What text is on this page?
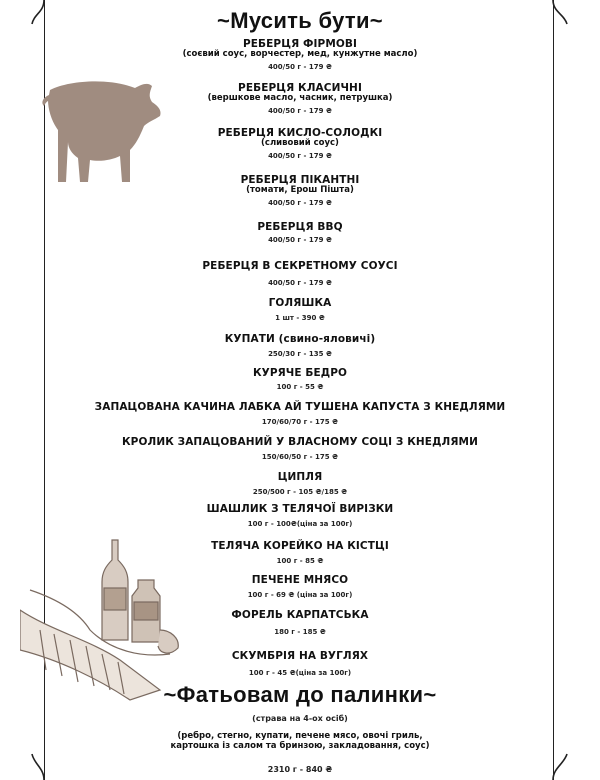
~Мусить бути~
РЕБЕРЦЯ ФІРМОВІ
(соєвий соус, ворчестер, мед, кунжутне масло)
400/50 г - 179 ₴
РЕБЕРЦЯ КЛАСИЧНІ
(вершкове масло, часник, петрушка)
400/50 г - 179 ₴
РЕБЕРЦЯ КИСЛО-СОЛОДКІ
(сливовий соус)
400/50 г - 179 ₴
РЕБЕРЦЯ ПІКАНТНІ
(томати, Ерош Пішта)
400/50 г - 179 ₴
РЕБЕРЦЯ BBQ
400/50 г - 179 ₴
РЕБЕРЦЯ В СЕКРЕТНОМУ СОУСІ
400/50 г - 179 ₴
ГОЛЯШКА
1 шт - 390 ₴
КУПАТИ (свино-яловичі)
250/30 г - 135 ₴
КУРЯЧЕ БЕДРО
100 г - 55 ₴
ЗАПАЦОВАНА КАЧИНА ЛАБКА АЙ ТУШЕНА КАПУСТА З КНЕДЛЯМИ
170/60/70 г - 175 ₴
КРОЛИК ЗАПАЦОВАНИЙ У ВЛАСНОМУ СОЦІ З КНЕДЛЯМИ
150/60/50 г - 175 ₴
ЦИПЛЯ
250/500 г - 105 ₴/185 ₴
ШАШЛИК З ТЕЛЯЧОЇ ВИРІЗКИ
100 г - 100₴(ціна за 100г)
ТЕЛЯЧА КОРЕЙКО НА КІСТЦІ
100 г - 85 ₴
ПЕЧЕНЕ МНЯСО
100 г - 69 ₴ (ціна за 100г)
ФОРЕЛЬ КАРПАТСЬКА
180 г - 185 ₴
СКУМБРІЯ НА ВУГЛЯХ
100 г - 45 ₴(ціна за 100г)
~Фатьовам до палинки~
(страва на 4-ох осіб)
(ребро, стегно, купати, печене мясо, овочі гриль,
картошка із салом та бринзою, закладовання, соус)
2310 г - 840 ₴
